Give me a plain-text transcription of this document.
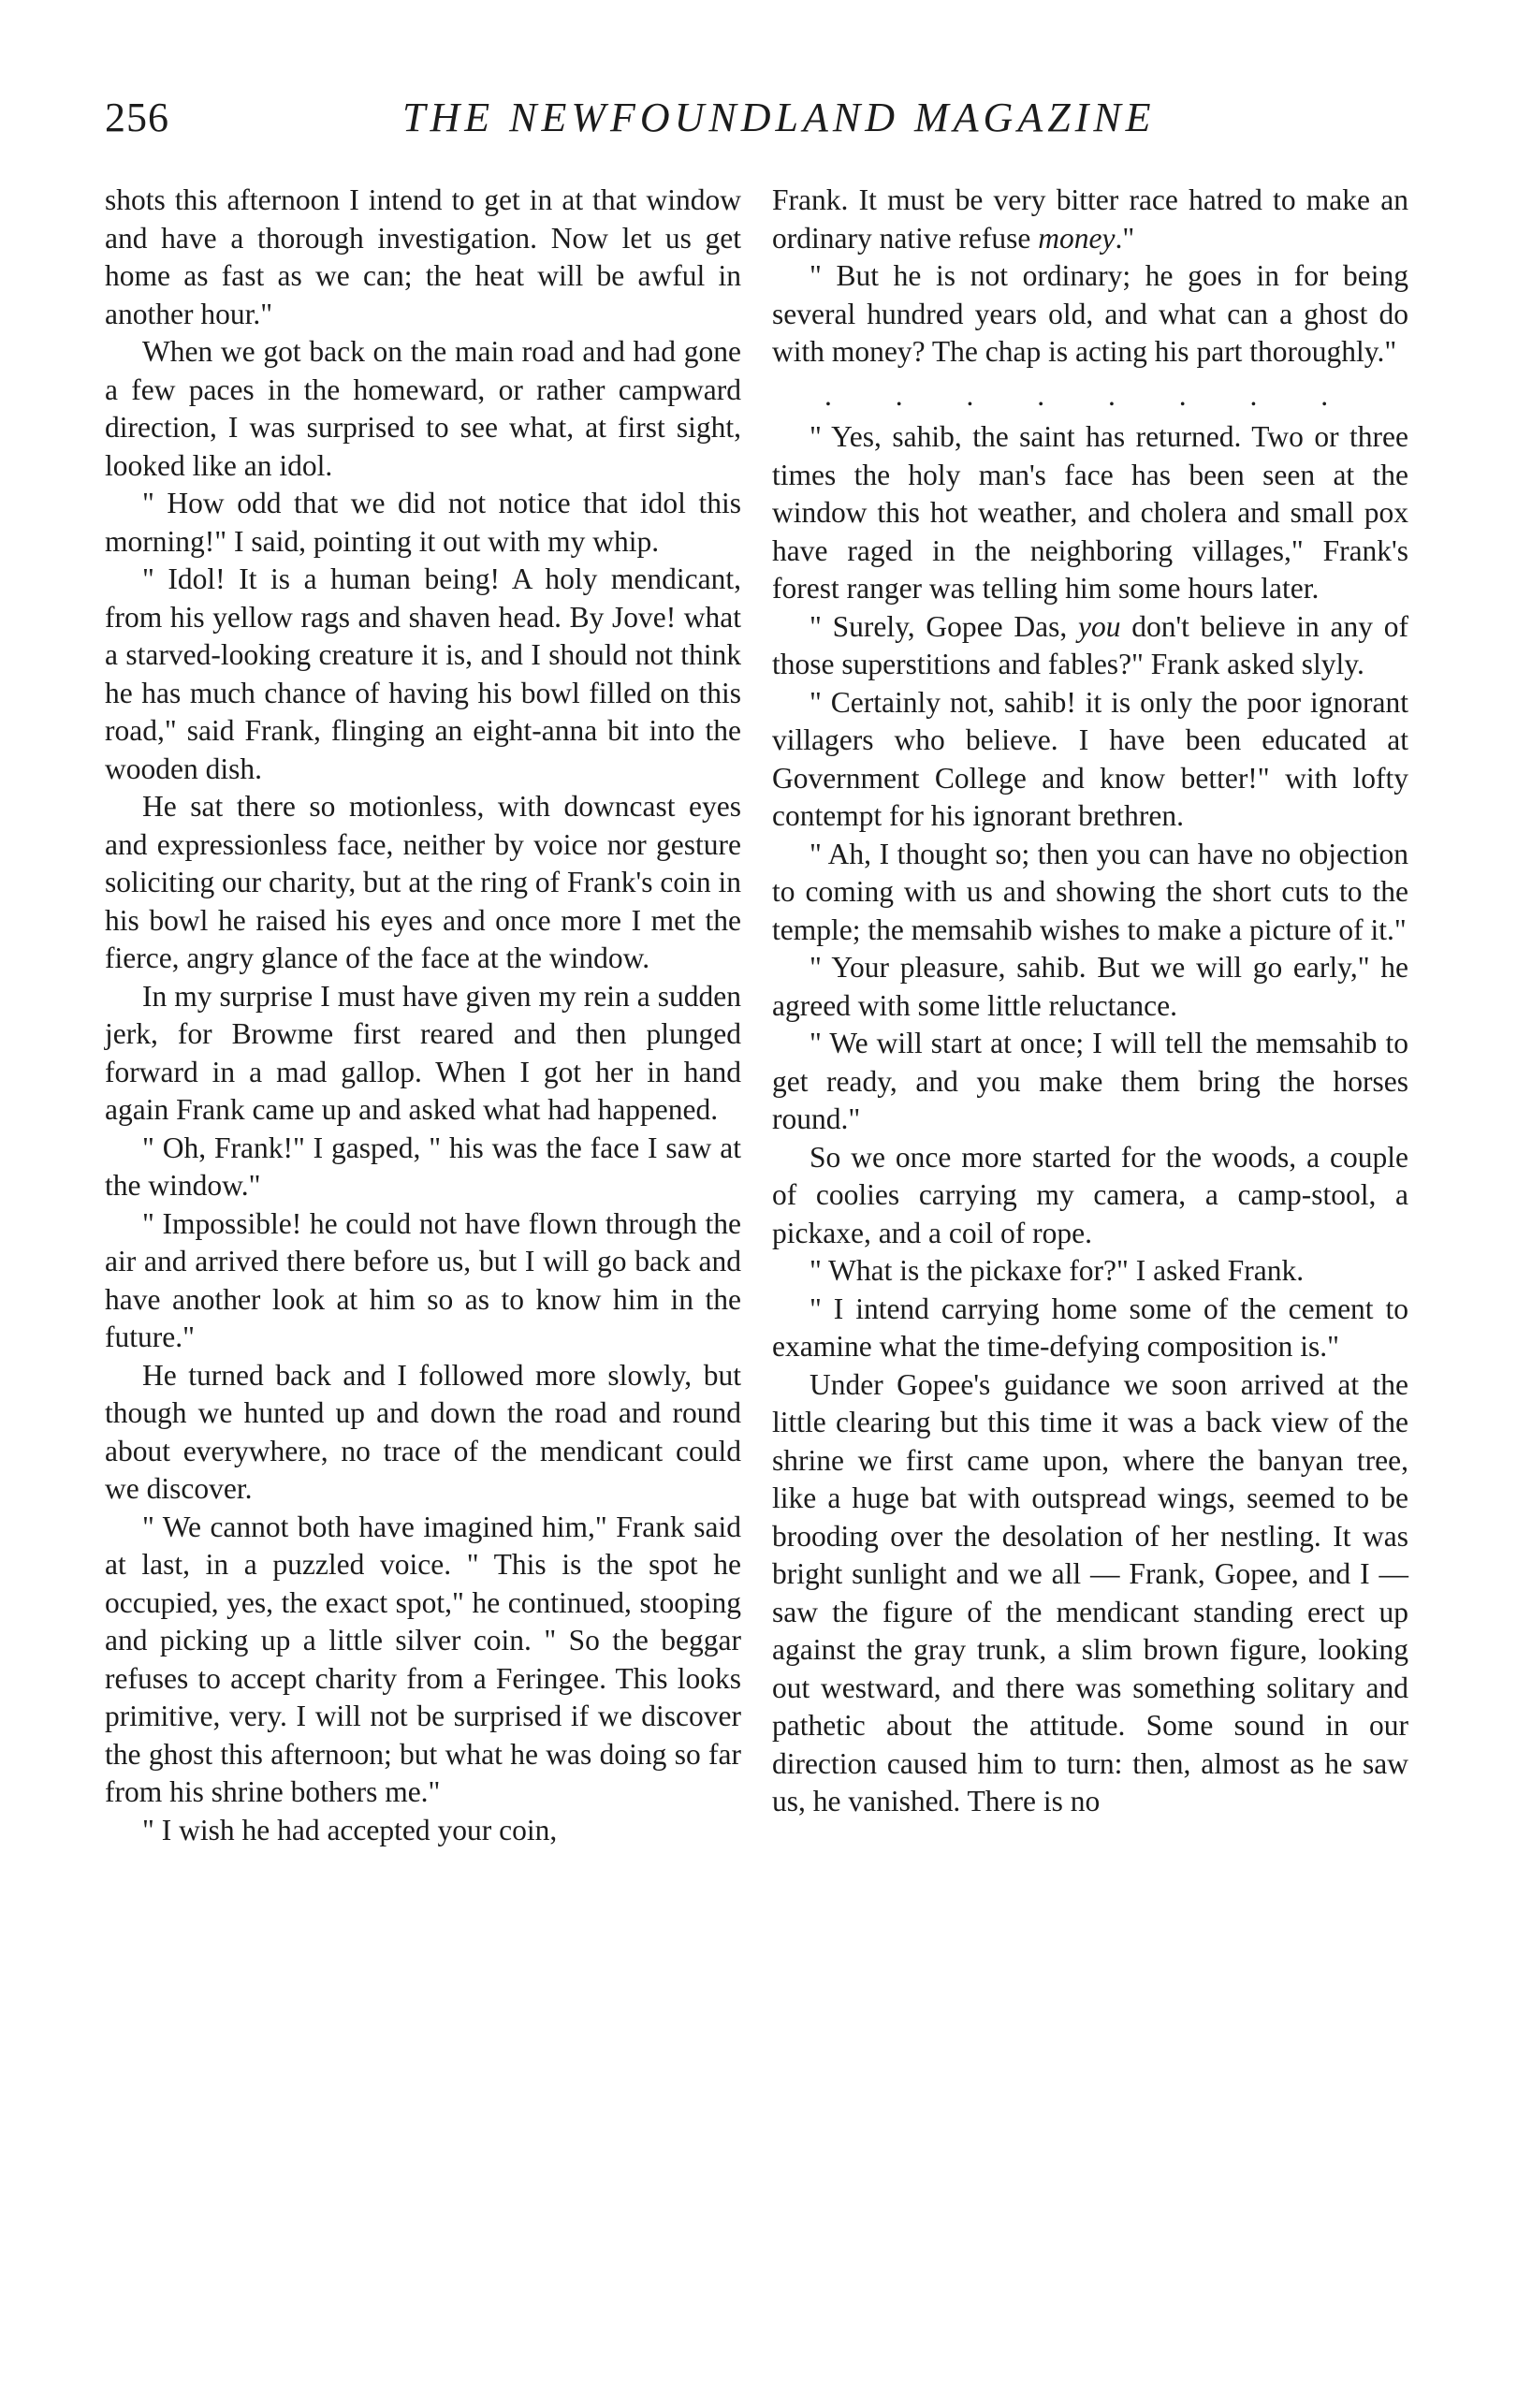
256	THE NEWFOUNDLAND MAGAZINE

shots this afternoon I intend to get in at that window and have a thorough investigation. Now let us get home as fast as we can; the heat will be awful in another hour."

When we got back on the main road and had gone a few paces in the homeward, or rather campward direction, I was surprised to see what, at first sight, looked like an idol.

" How odd that we did not notice that idol this morning!" I said, pointing it out with my whip.

" Idol! It is a human being! A holy mendicant, from his yellow rags and shaven head. By Jove! what a starved-looking creature it is, and I should not think he has much chance of having his bowl filled on this road," said Frank, flinging an eight-anna bit into the wooden dish.

He sat there so motionless, with downcast eyes and expressionless face, neither by voice nor gesture soliciting our charity, but at the ring of Frank's coin in his bowl he raised his eyes and once more I met the fierce, angry glance of the face at the window.

In my surprise I must have given my rein a sudden jerk, for Browme first reared and then plunged forward in a mad gallop. When I got her in hand again Frank came up and asked what had happened.

" Oh, Frank!" I gasped, " his was the face I saw at the window."

" Impossible! he could not have flown through the air and arrived there before us, but I will go back and have another look at him so as to know him in the future."

He turned back and I followed more slowly, but though we hunted up and down the road and round about everywhere, no trace of the mendicant could we discover.

" We cannot both have imagined him," Frank said at last, in a puzzled voice. " This is the spot he occupied, yes, the exact spot," he continued, stooping and picking up a little silver coin. " So the beggar refuses to accept charity from a Feringee. This looks primitive, very. I will not be surprised if we discover the ghost this afternoon; but what he was doing so far from his shrine bothers me."

" I wish he had accepted your coin,

Frank. It must be very bitter race hatred to make an ordinary native refuse money."

" But he is not ordinary; he goes in for being several hundred years old, and what can a ghost do with money? The chap is acting his part thoroughly."

. . . . . . . .

" Yes, sahib, the saint has returned. Two or three times the holy man's face has been seen at the window this hot weather, and cholera and small pox have raged in the neighboring villages," Frank's forest ranger was telling him some hours later.

" Surely, Gopee Das, you don't believe in any of those superstitions and fables?" Frank asked slyly.

" Certainly not, sahib! it is only the poor ignorant villagers who believe. I have been educated at Government College and know better!" with lofty contempt for his ignorant brethren.

" Ah, I thought so; then you can have no objection to coming with us and showing the short cuts to the temple; the memsahib wishes to make a picture of it."

" Your pleasure, sahib. But we will go early," he agreed with some little reluctance.

" We will start at once; I will tell the memsahib to get ready, and you make them bring the horses round."

So we once more started for the woods, a couple of coolies carrying my camera, a camp-stool, a pickaxe, and a coil of rope.

" What is the pickaxe for?" I asked Frank.

" I intend carrying home some of the cement to examine what the time-defying composition is."

Under Gopee's guidance we soon arrived at the little clearing but this time it was a back view of the shrine we first came upon, where the banyan tree, like a huge bat with outspread wings, seemed to be brooding over the desolation of her nestling. It was bright sunlight and we all — Frank, Gopee, and I — saw the figure of the mendicant standing erect up against the gray trunk, a slim brown figure, looking out westward, and there was something solitary and pathetic about the attitude. Some sound in our direction caused him to turn: then, almost as he saw us, he vanished. There is no
